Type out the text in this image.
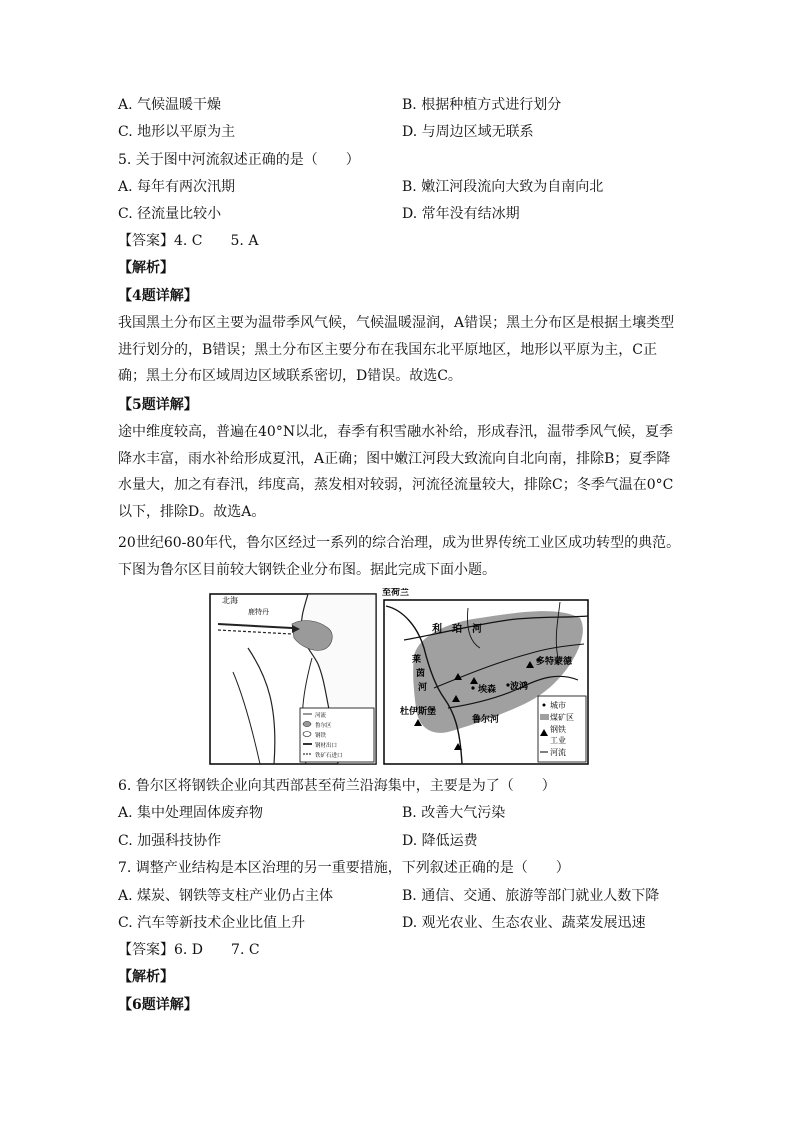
A. 气候温暖干燥	B. 根据种植方式进行划分
C. 地形以平原为主	D. 与周边区域无联系
5. 关于图中河流叙述正确的是（　　）
A. 每年有两次汛期	B. 嫩江河段流向大致为自南向北
C. 径流量比较小	D. 常年没有结冰期
【答案】4. C　　5. A
【解析】
【4题详解】
我国黑土分布区主要为温带季风气候，气候温暖湿润，A错误；黑土分布区是根据土壤类型进行划分的，B错误；黑土分布区主要分布在我国东北平原地区，地形以平原为主，C正确；黑土分布区域周边区域联系密切，D错误。故选C。
【5题详解】
途中维度较高，普遍在40°N以北，春季有积雪融水补给，形成春汛，温带季风气候，夏季降水丰富，雨水补给形成夏汛，A正确；图中嫩江河段大致流向自北向南，排除B；夏季降水量大，加之有春汛，纬度高，蒸发相对较弱，河流径流量较大，排除C；冬季气温在0°C以下，排除D。故选A。
20世纪60-80年代，鲁尔区经过一系列的综合治理，成为世界传统工业区成功转型的典范。下图为鲁尔区目前较大钢铁企业分布图。据此完成下面小题。
北海
鹿特丹
河流
鲁尔区
钢铁
钢材出口
铁矿石进口
至荷兰
利　珀　河
莱
茵
河
鲁尔河
多特蒙德
埃森 波鸿
杜伊斯堡
城市
煤矿区
钢铁
工业
河流
6. 鲁尔区将钢铁企业向其西部甚至荷兰沿海集中，主要是为了（　　）
A. 集中处理固体废弃物	B. 改善大气污染
C. 加强科技协作	D. 降低运费
7. 调整产业结构是本区治理的另一重要措施，下列叙述正确的是（　　）
A. 煤炭、钢铁等支柱产业仍占主体	B. 通信、交通、旅游等部门就业人数下降
C. 汽车等新技术企业比值上升	D. 观光农业、生态农业、蔬菜发展迅速
【答案】6. D　　7. C
【解析】
【6题详解】
